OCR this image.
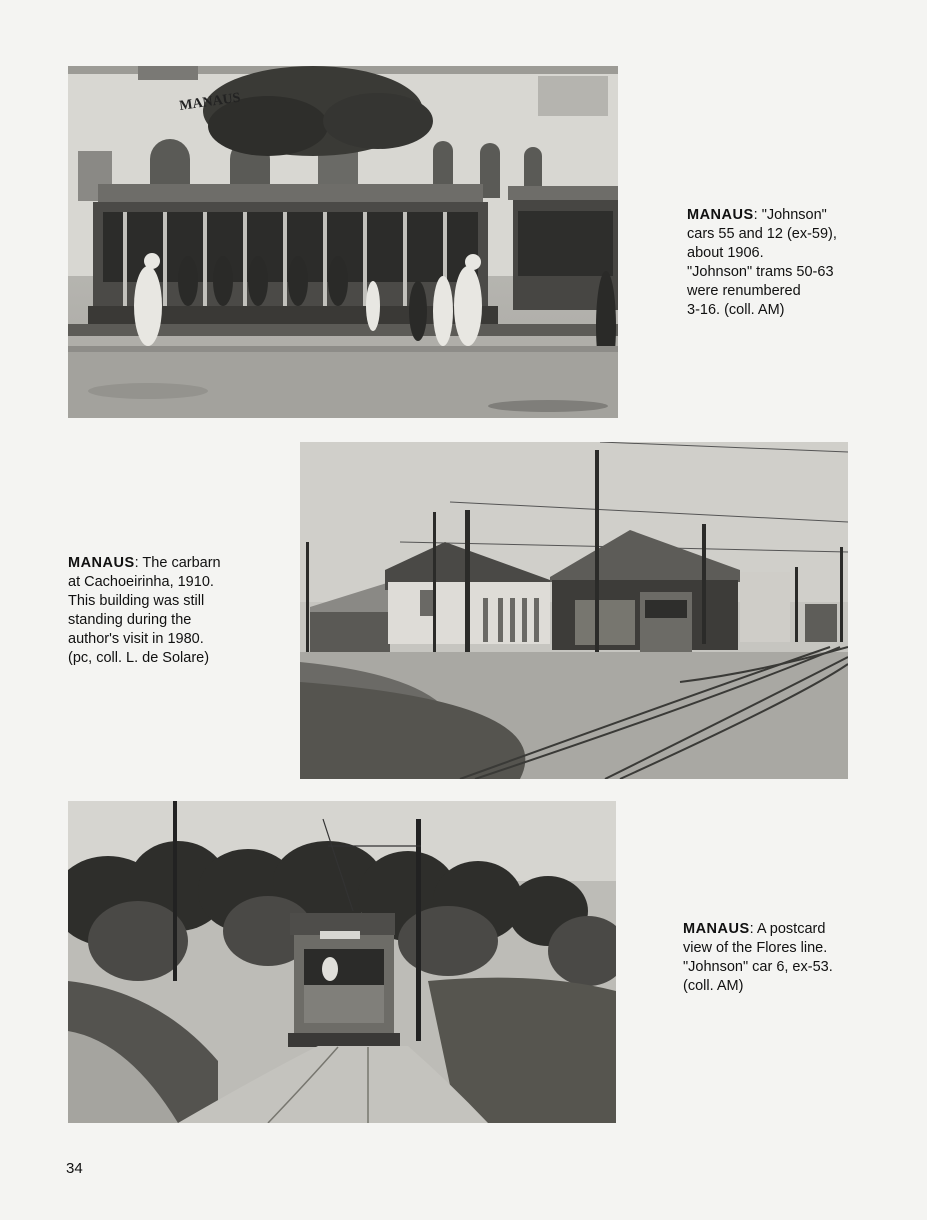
MANAUS

MANAUS: "Johnson"

cars 55 and 12 (ex-59),

about 1906.

"Johnson" trams 50-63

were renumbered

3-16. (coll. AM)

MANAUS: The carbarn

at Cachoeirinha, 1910.

This building was still

standing during the

author's visit in 1980.

(pc, coll. L. de Solare)

MANAUS: A postcard

view of the Flores line.

"Johnson" car 6, ex-53.

(coll. AM)

34
